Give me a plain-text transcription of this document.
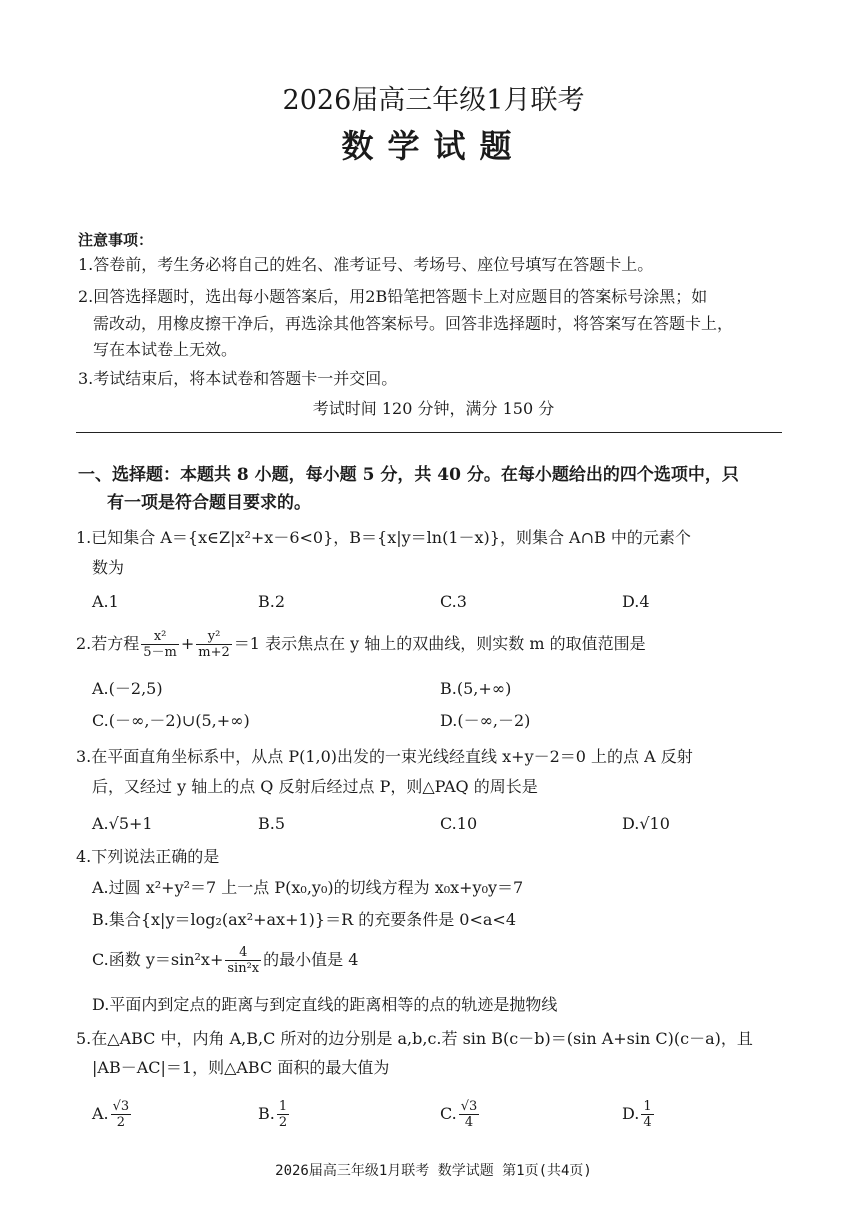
2026届高三年级1月联考
数学试题
注意事项：
1.答卷前，考生务必将自己的姓名、准考证号、考场号、座位号填写在答题卡上。
2.回答选择题时，选出每小题答案后，用2B铅笔把答题卡上对应题目的答案标号涂黑；如
需改动，用橡皮擦干净后，再选涂其他答案标号。回答非选择题时，将答案写在答题卡上，
写在本试卷上无效。
3.考试结束后，将本试卷和答题卡一并交回。
考试时间 120 分钟，满分 150 分
一、选择题：本题共 8 小题，每小题 5 分，共 40 分。在每小题给出的四个选项中，只
有一项是符合题目要求的。
1.已知集合 A＝{x∈Z|x²+x－6<0}，B＝{x|y＝ln(1－x)}，则集合 A∩B 中的元素个
数为
A.1	B.2	C.3	D.4
2.若方程 $\frac{\text{x²}}{5-m} + \frac{\text{y²}}{m+2} =1$ 表示焦点在 y 轴上的双曲线，则实数 m 的取值范围是
A.(－2,5)	B.(5,+∞)
C.(－∞,－2)∪(5,+∞)	D.(－∞,－2)
3.在平面直角坐标系中，从点 P(1,0)出发的一束光线经直线 x+y－2＝0 上的点 A 反射
后，又经过 y 轴上的点 Q 反射后经过点 P，则△PAQ 的周长是
A.√5+1	B.5	C.10	D.√10
4.下列说法正确的是
A.过圆 x²+y²＝7 上一点 P(x₀,y₀)的切线方程为 x₀x+y₀y＝7
B.集合{x|y＝log₂(ax²+ax+1)}＝R 的充要条件是 0<a<4
C.函数 $y=\sin^2x+ \frac{4}{\text{sin²x}}$ 的最小值是 4
D.平面内到定点的距离与到定直线的距离相等的点的轨迹是抛物线
5.在△ABC 中，内角 A,B,C 所对的边分别是 a,b,c.若 sin B(c－b)＝(sin A+sin C)(c－a)，且
|AB－AC|＝1，则△ABC 面积的最大值为
A. $\frac{√3}{2}$	B. $\frac{1}{2}$	C. $\frac{√3}{4}$	D. $\frac{1}{4}$
2026届高三年级1月联考 数学试题 第1页(共4页)
